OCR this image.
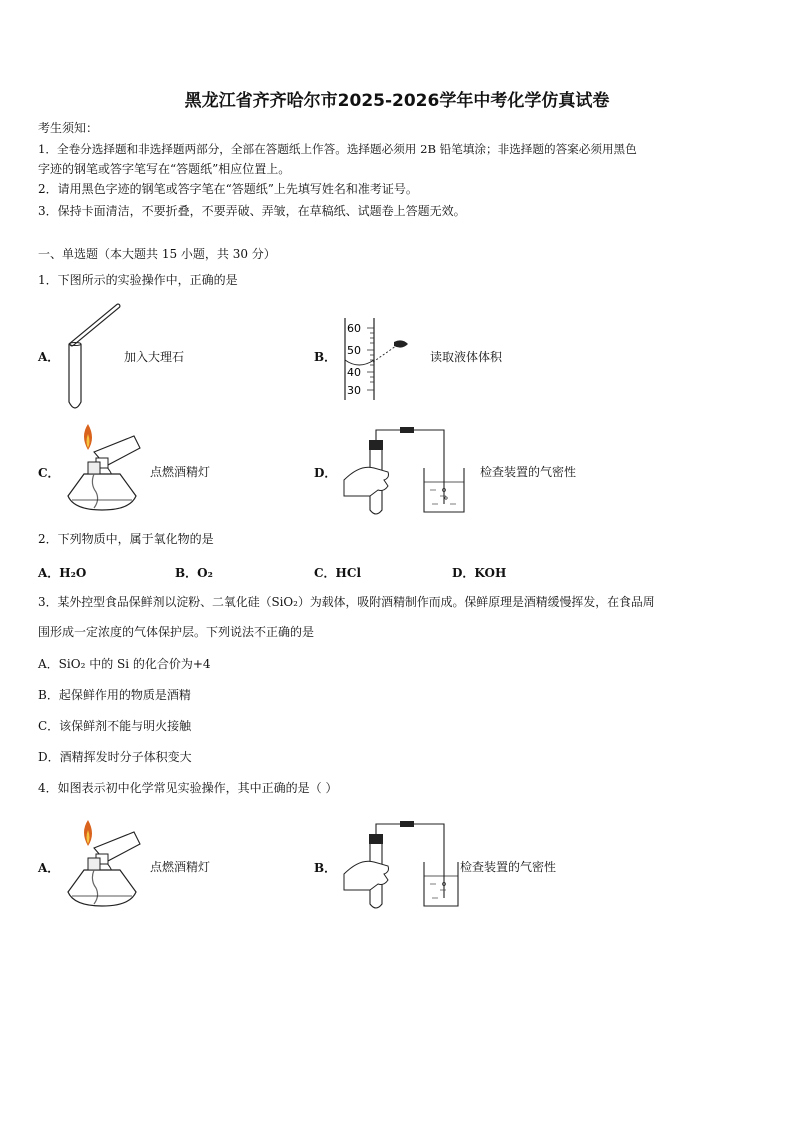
黑龙江省齐齐哈尔市2025-2026学年中考化学仿真试卷
考生须知：
1．全卷分选择题和非选择题两部分，全部在答题纸上作答。选择题必须用 2B 铅笔填涂；非选择题的答案必须用黑色
字迹的钢笔或答字笔写在“答题纸”相应位置上。
2．请用黑色字迹的钢笔或答字笔在“答题纸”上先填写姓名和准考证号。
3．保持卡面清洁，不要折叠，不要弄破、弄皱，在草稿纸、试题卷上答题无效。
一、单选题（本大题共 15 小题，共 30 分）
1．下图所示的实验操作中，正确的是
A．	加入大理石	B．
60
50
40
30
读取液体体积
C．	点燃酒精灯	D．	检查装置的气密性
2．下列物质中，属于氧化物的是
A．H₂O	B．O₂	C．HCl	D．KOH
3．某外控型食品保鲜剂以淀粉、二氧化硅（SiO₂）为载体，吸附酒精制作而成。保鲜原理是酒精缓慢挥发，在食品周
围形成一定浓度的气体保护层。下列说法不正确的是
A．SiO₂ 中的 Si 的化合价为+4
B．起保鲜作用的物质是酒精
C．该保鲜剂不能与明火接触
D．酒精挥发时分子体积变大
4．如图表示初中化学常见实验操作，其中正确的是（ ）
A．	点燃酒精灯	B．	检查装置的气密性
